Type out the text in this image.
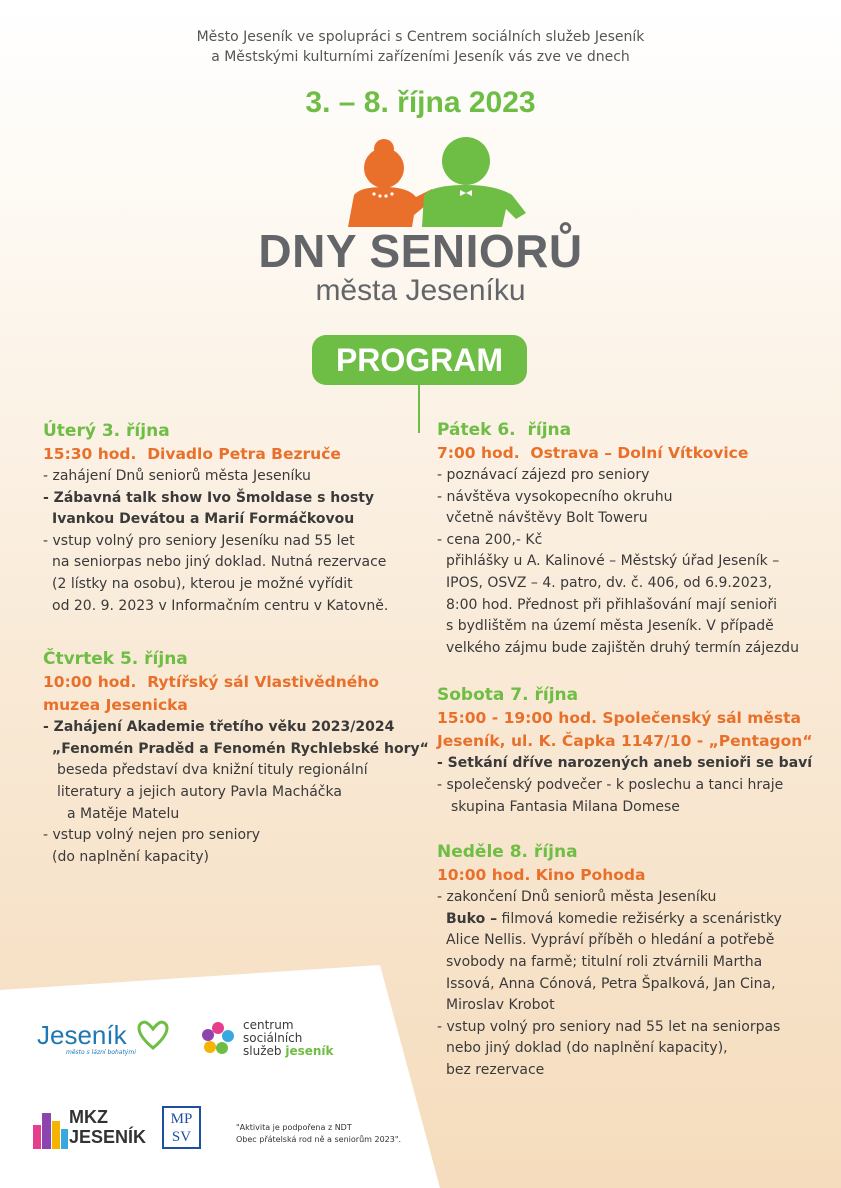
Město Jeseník ve spolupráci s Centrem sociálních služeb Jeseník
a Městskými kulturními zařízeními Jeseník vás zve ve dnech
3. – 8. října 2023
DNY SENIORŮ
města Jeseníku
PROGRAM

Úterý 3. října

15:30 hod.  Divadlo Petra Bezruče

- zahájení Dnů seniorů města Jeseníku

- Zábavná talk show Ivo Šmoldase s hosty

Ivankou Devátou a Marií Formáčkovou

- vstup volný pro seniory Jeseníku nad 55 let

na seniorpas nebo jiný doklad. Nutná rezervace

(2 lístky na osobu), kterou je možné vyřídit

od 20. 9. 2023 v Informačním centru v Katovně.

Čtvrtek 5. října

10:00 hod.  Rytířský sál Vlastivědného

muzea Jesenicka

- Zahájení Akademie třetího věku 2023/2024

„Fenomén Praděd a Fenomén Rychlebské hory“

beseda představí dva knižní tituly regionální

literatury a jejich autory Pavla Macháčka

a Matěje Matelu

- vstup volný nejen pro seniory

(do naplnění kapacity)

Pátek 6.  října

7:00 hod.  Ostrava – Dolní Vítkovice

- poznávací zájezd pro seniory

- návštěva vysokopecního okruhu

včetně návštěvy Bolt Toweru

- cena 200,- Kč

přihlášky u A. Kalinové – Městský úřad Jeseník –

IPOS, OSVZ – 4. patro, dv. č. 406, od 6.9.2023,

8:00 hod. Přednost při přihlašování mají senioři

s bydlištěm na území města Jeseník. V případě

velkého zájmu bude zajištěn druhý termín zájezdu

Sobota 7. října

15:00 - 19:00 hod. Společenský sál města

Jeseník, ul. K. Čapka 1147/10 - „Pentagon“

- Setkání dříve narozených aneb senioři se baví

- společenský podvečer - k poslechu a tanci hraje

skupina Fantasia Milana Domese

Neděle 8. října

10:00 hod. Kino Pohoda

- zakončení Dnů seniorů města Jeseníku

Buko – filmová komedie režisérky a scenáristky

Alice Nellis. Vypráví příběh o hledání a potřebě

svobody na farmě; titulní roli ztvárnili Martha

Issová, Anna Cónová, Petra Špalková, Jan Cina,

Miroslav Krobot

- vstup volný pro seniory nad 55 let na seniorpas

nebo jiný doklad (do naplnění kapacity),

bez rezervace

Jeseník
město s lázní bohatými
centrum
sociálních
služeb jeseník
MKZ
JESENÍK
MP
SV
"Aktivita je podpořena z NDT
Obec přátelská rod ně a seniorům 2023".
